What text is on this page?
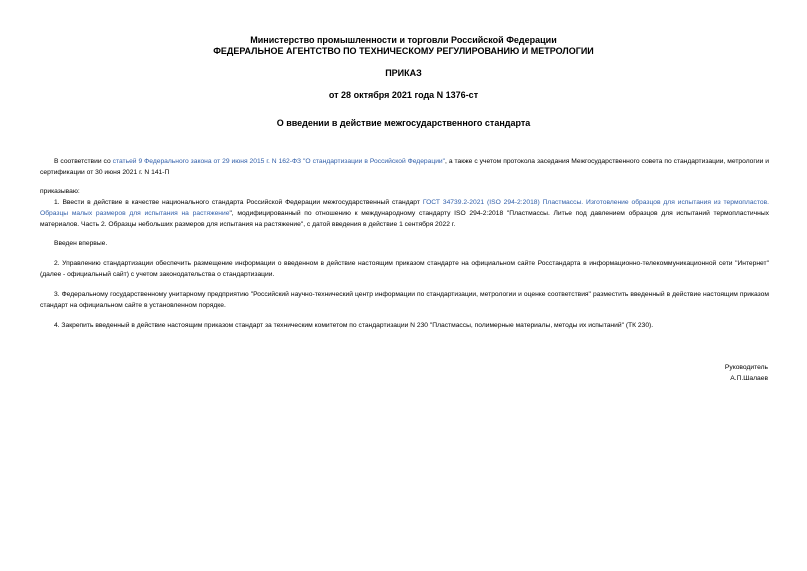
Министерство промышленности и торговли Российской Федерации
ФЕДЕРАЛЬНОЕ АГЕНТСТВО ПО ТЕХНИЧЕСКОМУ РЕГУЛИРОВАНИЮ И МЕТРОЛОГИИ
ПРИКАЗ
от 28 октября 2021 года N 1376-ст
О введении в действие межгосударственного стандарта
В соответствии со статьей 9 Федерального закона от 29 июня 2015 г. N 162-ФЗ "О стандартизации в Российской Федерации", а также с учетом протокола заседания Межгосударственного совета по стандартизации, метрологии и сертификации от 30 июня 2021 г. N 141-П
приказываю:
1. Ввести в действие в качестве национального стандарта Российской Федерации межгосударственный стандарт ГОСТ 34739.2-2021 (ISO 294-2:2018) Пластмассы. Изготовление образцов для испытания из термопластов. Образцы малых размеров для испытания на растяжение", модифицированный по отношению к международному стандарту ISO 294-2:2018 "Пластмассы. Литье под давлением образцов для испытаний термопластичных материалов. Часть 2. Образцы небольших размеров для испытания на растяжение", с датой введения в действие 1 сентября 2022 г.
Введен впервые.
2. Управлению стандартизации обеспечить размещение информации о введенном в действие настоящим приказом стандарте на официальном сайте Росстандарта в информационно-телекоммуникационной сети "Интернет" (далее - официальный сайт) с учетом законодательства о стандартизации.
3. Федеральному государственному унитарному предприятию "Российский научно-технический центр информации по стандартизации, метрологии и оценке соответствия" разместить введенный в действие настоящим приказом стандарт на официальном сайте в установленном порядке.
4. Закрепить введенный в действие настоящим приказом стандарт за техническим комитетом по стандартизации N 230 "Пластмассы, полимерные материалы, методы их испытаний" (ТК 230).
Руководитель
А.П.Шалаев
